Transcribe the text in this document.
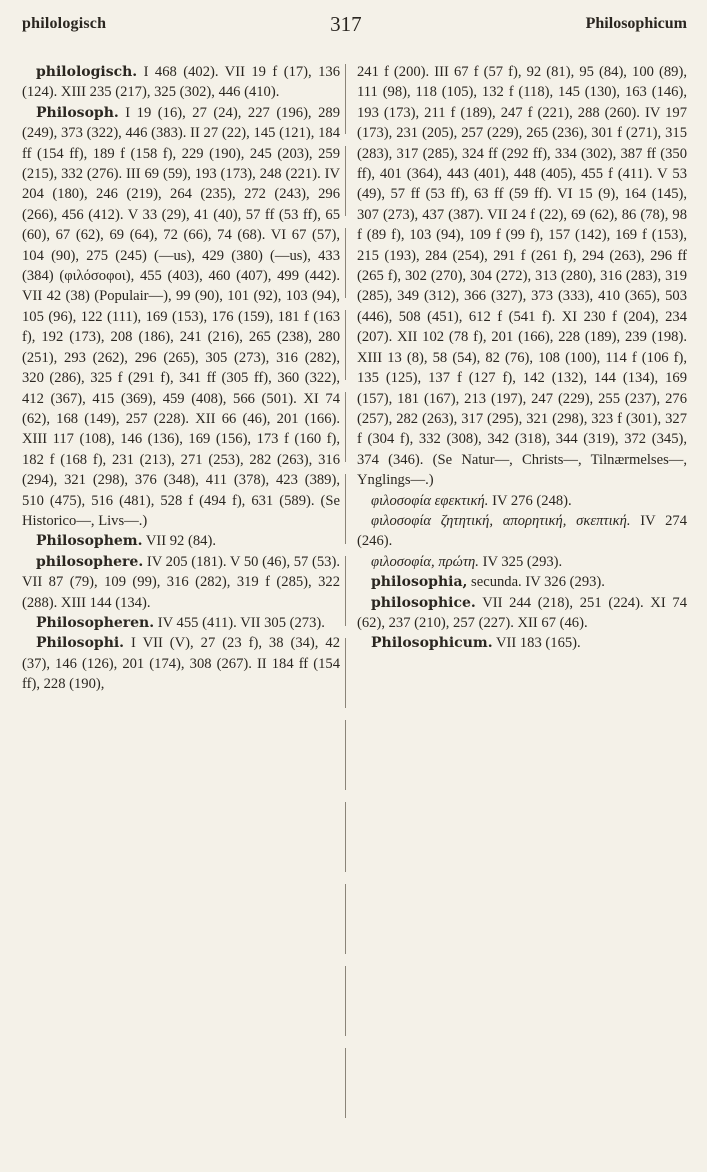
philologisch	317	Philosophicum

philologisch. I 468 (402). VII 19 f (17), 136 (124). XIII 235 (217), 325 (302), 446 (410).

Philosoph. I 19 (16), 27 (24), 227 (196), 289 (249), 373 (322), 446 (383). II 27 (22), 145 (121), 184 ff (154 ff), 189 f (158 f), 229 (190), 245 (203), 259 (215), 332 (276). III 69 (59), 193 (173), 248 (221). IV 204 (180), 246 (219), 264 (235), 272 (243), 296 (266), 456 (412). V 33 (29), 41 (40), 57 ff (53 ff), 65 (60), 67 (62), 69 (64), 72 (66), 74 (68). VI 67 (57), 104 (90), 275 (245) (—us), 429 (380) (—us), 433 (384) (φιλόσοφοι), 455 (403), 460 (407), 499 (442). VII 42 (38) (Populair—), 99 (90), 101 (92), 103 (94), 105 (96), 122 (111), 169 (153), 176 (159), 181 f (163 f), 192 (173), 208 (186), 241 (216), 265 (238), 280 (251), 293 (262), 296 (265), 305 (273), 316 (282), 320 (286), 325 f (291 f), 341 ff (305 ff), 360 (322), 412 (367), 415 (369), 459 (408), 566 (501). XI 74 (62), 168 (149), 257 (228). XII 66 (46), 201 (166). XIII 117 (108), 146 (136), 169 (156), 173 f (160 f), 182 f (168 f), 231 (213), 271 (253), 282 (263), 316 (294), 321 (298), 376 (348), 411 (378), 423 (389), 510 (475), 516 (481), 528 f (494 f), 631 (589). (Se Historico—, Livs—.)

Philosophem. VII 92 (84).

philosophere. IV 205 (181). V 50 (46), 57 (53). VII 87 (79), 109 (99), 316 (282), 319 f (285), 322 (288). XIII 144 (134).

Philosopheren. IV 455 (411). VII 305 (273).

Philosophi. I VII (V), 27 (23 f), 38 (34), 42 (37), 146 (126), 201 (174), 308 (267). II 184 ff (154 ff), 228 (190),

241 f (200). III 67 f (57 f), 92 (81), 95 (84), 100 (89), 111 (98), 118 (105), 132 f (118), 145 (130), 163 (146), 193 (173), 211 f (189), 247 f (221), 288 (260). IV 197 (173), 231 (205), 257 (229), 265 (236), 301 f (271), 315 (283), 317 (285), 324 ff (292 ff), 334 (302), 387 ff (350 ff), 401 (364), 443 (401), 448 (405), 455 f (411). V 53 (49), 57 ff (53 ff), 63 ff (59 ff). VI 15 (9), 164 (145), 307 (273), 437 (387). VII 24 f (22), 69 (62), 86 (78), 98 f (89 f), 103 (94), 109 f (99 f), 157 (142), 169 f (153), 215 (193), 284 (254), 291 f (261 f), 294 (263), 296 ff (265 f), 302 (270), 304 (272), 313 (280), 316 (283), 319 (285), 349 (312), 366 (327), 373 (333), 410 (365), 503 (446), 508 (451), 612 f (541 f). XI 230 f (204), 234 (207). XII 102 (78 f), 201 (166), 228 (189), 239 (198). XIII 13 (8), 58 (54), 82 (76), 108 (100), 114 f (106 f), 135 (125), 137 f (127 f), 142 (132), 144 (134), 169 (157), 181 (167), 213 (197), 247 (229), 255 (237), 276 (257), 282 (263), 317 (295), 321 (298), 323 f (301), 327 f (304 f), 332 (308), 342 (318), 344 (319), 372 (345), 374 (346). (Se Natur—, Christs—, Tilnærmelses—, Ynglings—.)

φιλοσοφία εφεκτική. IV 276 (248).

φιλοσοφία ζητητική, απορητική, σκεπτική. IV 274 (246).

φιλοσοφία, πρώτη. IV 325 (293).

philosophia, secunda. IV 326 (293).

philosophice. VII 244 (218), 251 (224). XI 74 (62), 237 (210), 257 (227). XII 67 (46).

Philosophicum. VII 183 (165).
